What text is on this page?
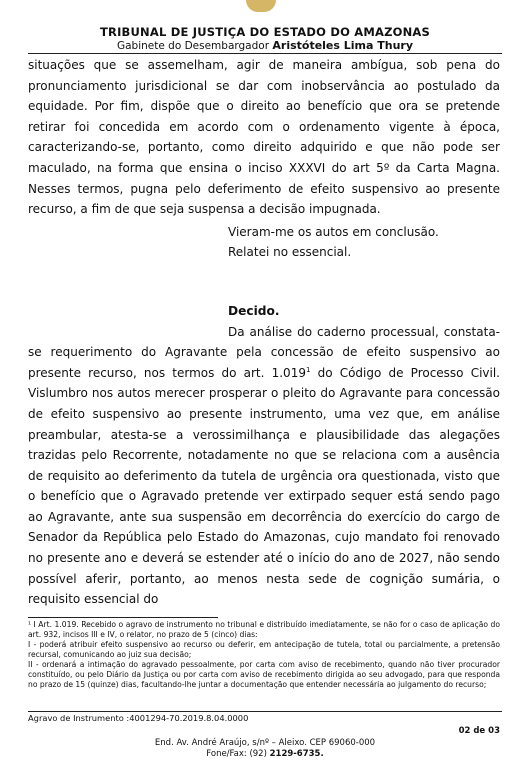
TRIBUNAL DE JUSTIÇA DO ESTADO DO AMAZONAS
Gabinete do Desembargador Aristóteles Lima Thury

situações que se assemelham, agir de maneira ambígua, sob pena do pronunciamento jurisdicional se dar com inobservância ao postulado da equidade. Por fim, dispõe que o direito ao benefício que ora se pretende retirar foi concedida em acordo com o ordenamento vigente à época, caracterizando-se, portanto, como direito adquirido e que não pode ser maculado, na forma que ensina o inciso XXXVI do art 5º da Carta Magna. Nesses termos, pugna pelo deferimento de efeito suspensivo ao presente recurso, a fim de que seja suspensa a decisão impugnada.

Vieram-me os autos em conclusão.

Relatei no essencial.

Decido.

Da análise do caderno processual, constata-se requerimento do Agravante pela concessão de efeito suspensivo ao presente recurso, nos termos do art. 1.019$^1$ do Código de Processo Civil. Vislumbro nos autos merecer prosperar o pleito do Agravante para concessão de efeito suspensivo ao presente instrumento, uma vez que, em análise preambular, atesta-se a verossimilhança e plausibilidade das alegações trazidas pelo Recorrente, notadamente no que se relaciona com a ausência de requisito ao deferimento da tutela de urgência ora questionada, visto que o benefício que o Agravado pretende ver extirpado sequer está sendo pago ao Agravante, ante sua suspensão em decorrência do exercício do cargo de Senador da República pelo Estado do Amazonas, cujo mandato foi renovado no presente ano e deverá se estender até o início do ano de 2027, não sendo possível aferir, portanto, ao menos nesta sede de cognição sumária, o requisito essencial do

¹ I Art. 1.019. Recebido o agravo de instrumento no tribunal e distribuído imediatamente, se não for o caso de aplicação do art. 932, incisos III e IV, o relator, no prazo de 5 (cinco) dias:

I - poderá atribuir efeito suspensivo ao recurso ou deferir, em antecipação de tutela, total ou parcialmente, a pretensão recursal, comunicando ao juiz sua decisão;

II - ordenará a intimação do agravado pessoalmente, por carta com aviso de recebimento, quando não tiver procurador constituído, ou pelo Diário da Justiça ou por carta com aviso de recebimento dirigida ao seu advogado, para que responda no prazo de 15 (quinze) dias, facultando-lhe juntar a documentação que entender necessária ao julgamento do recurso;

Agravo de Instrumento :4001294-70.2019.8.04.0000
02 de 03
End. Av. André Araújo, s/nº – Aleixo. CEP 69060-000
Fone/Fax: (92) 2129-6735.
